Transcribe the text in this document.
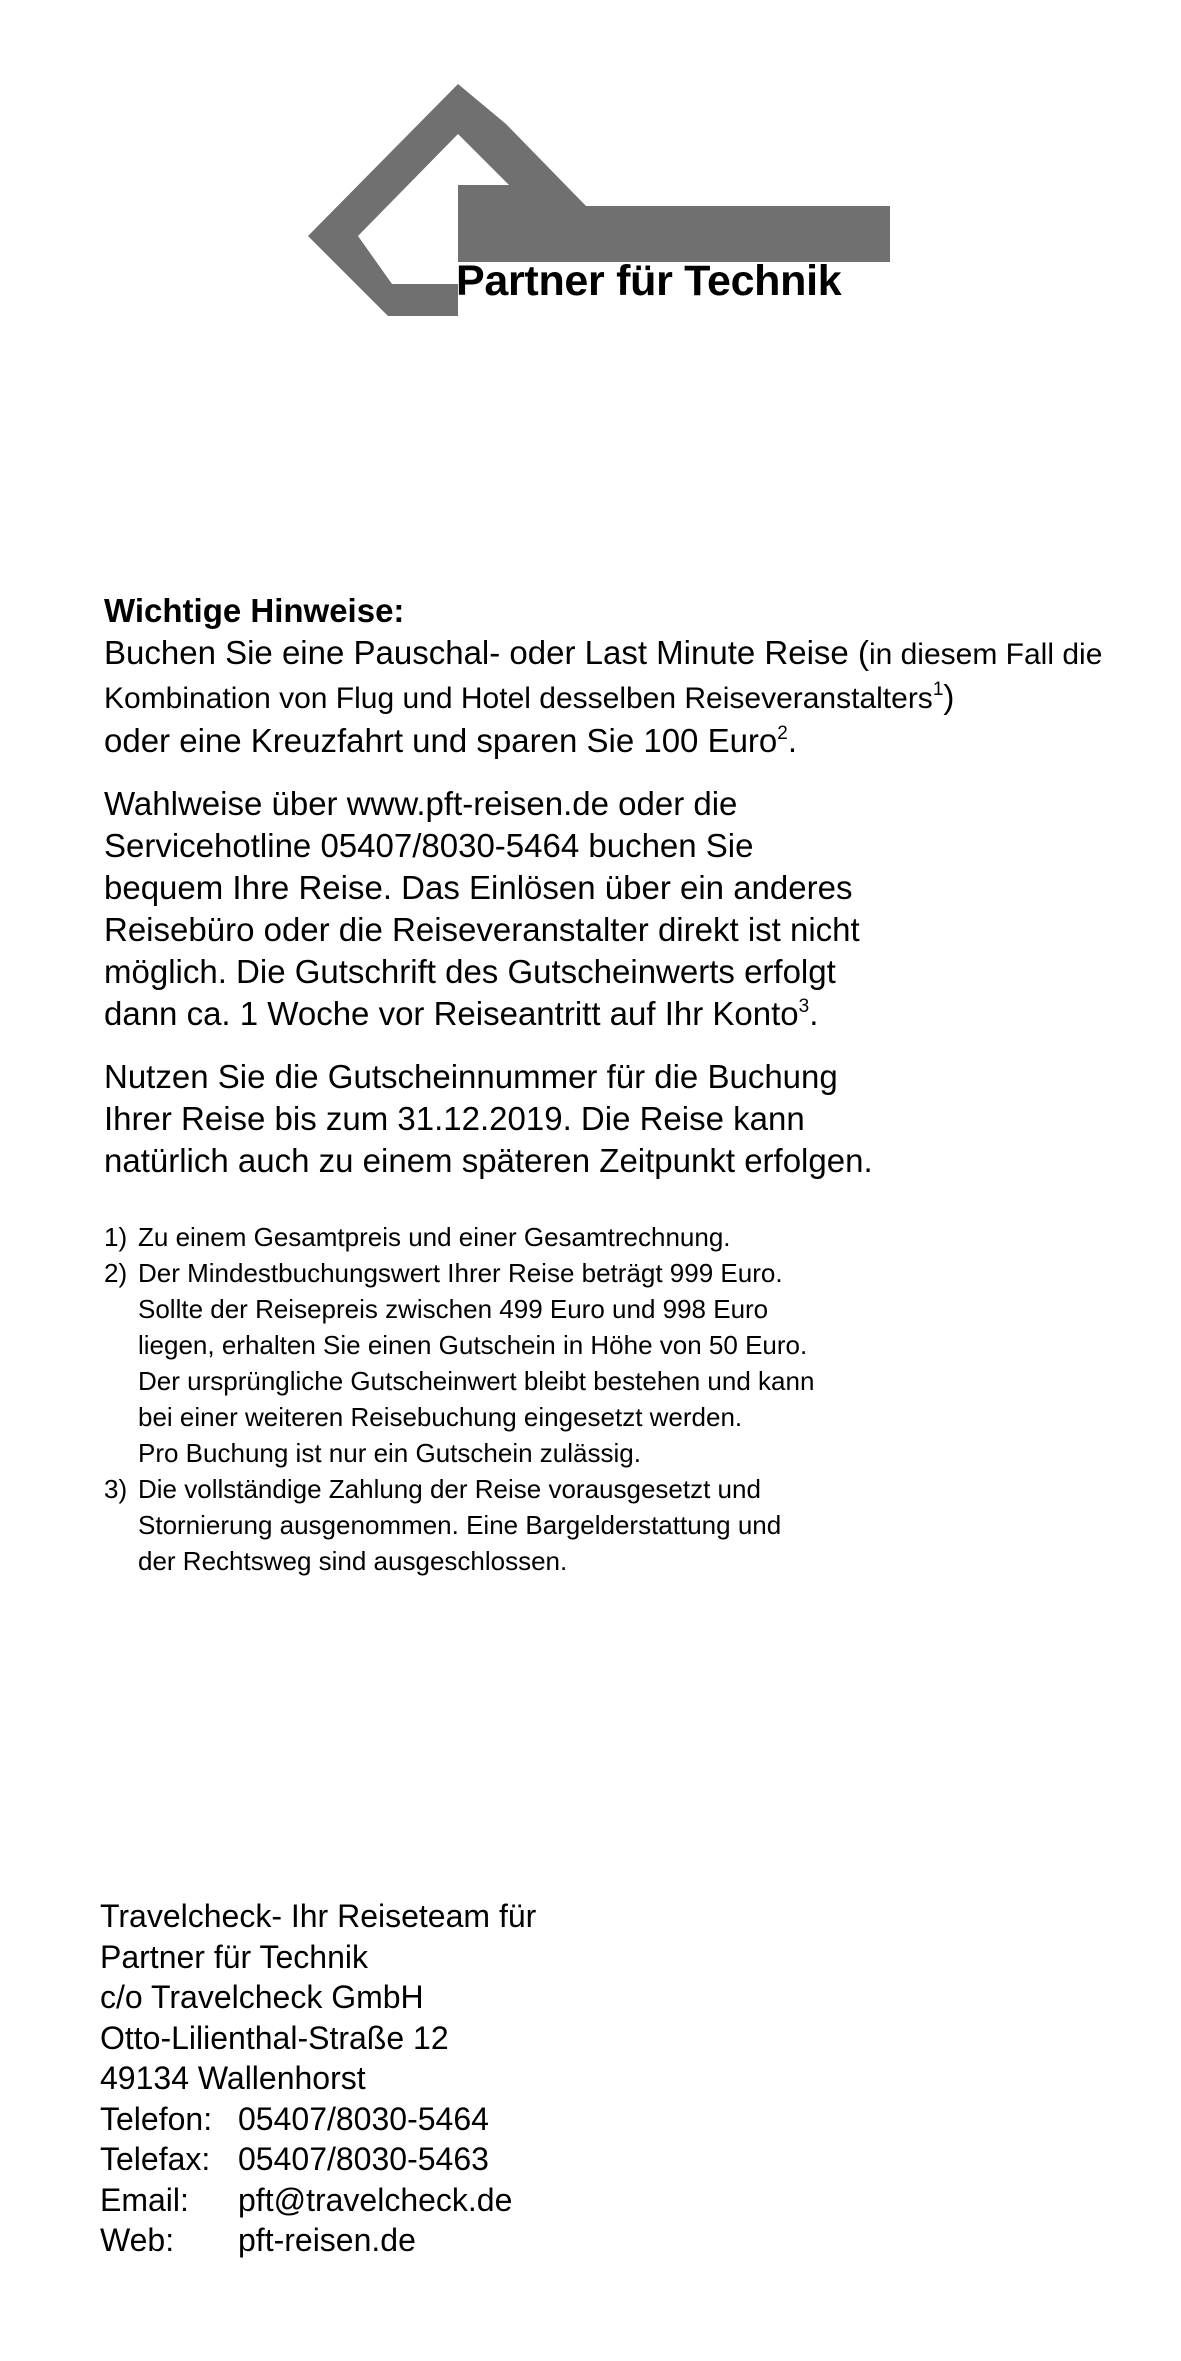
Partner für Technik

Wichtige Hinweise:

Buchen Sie eine Pauschal- oder Last Minute Reise (in diesem Fall die Kombination von Flug und Hotel desselben Reiseveranstalters$^1$)
oder eine Kreuzfahrt und sparen Sie 100 Euro$^2$.

Wahlweise über www.pft-reisen.de oder die
Servicehotline 05407/8030-5464 buchen Sie
bequem Ihre Reise. Das Einlösen über ein anderes
Reisebüro oder die Reiseveranstalter direkt ist nicht
möglich. Die Gutschrift des Gutscheinwerts erfolgt
dann ca. 1 Woche vor Reiseantritt auf Ihr Konto$^3$.

Nutzen Sie die Gutscheinnummer für die Buchung
Ihrer Reise bis zum 31.12.2019. Die Reise kann
natürlich auch zu einem späteren Zeitpunkt erfolgen.

1) Zu einem Gesamtpreis und einer Gesamtrechnung.
2) Der Mindestbuchungswert Ihrer Reise beträgt 999 Euro.
Sollte der Reisepreis zwischen 499 Euro und 998 Euro
liegen, erhalten Sie einen Gutschein in Höhe von 50 Euro.
Der ursprüngliche Gutscheinwert bleibt bestehen und kann
bei einer weiteren Reisebuchung eingesetzt werden.
Pro Buchung ist nur ein Gutschein zulässig.
3) Die vollständige Zahlung der Reise vorausgesetzt und
Stornierung ausgenommen. Eine Bargelderstattung und
der Rechtsweg sind ausgeschlossen.
Travelcheck- Ihr Reiseteam für
Partner für Technik
c/o Travelcheck GmbH
Otto-Lilienthal-Straße 12
49134 Wallenhorst
Telefon: 05407/8030-5464
Telefax: 05407/8030-5463
Email:	pft@travelcheck.de
Web:	pft-reisen.de
